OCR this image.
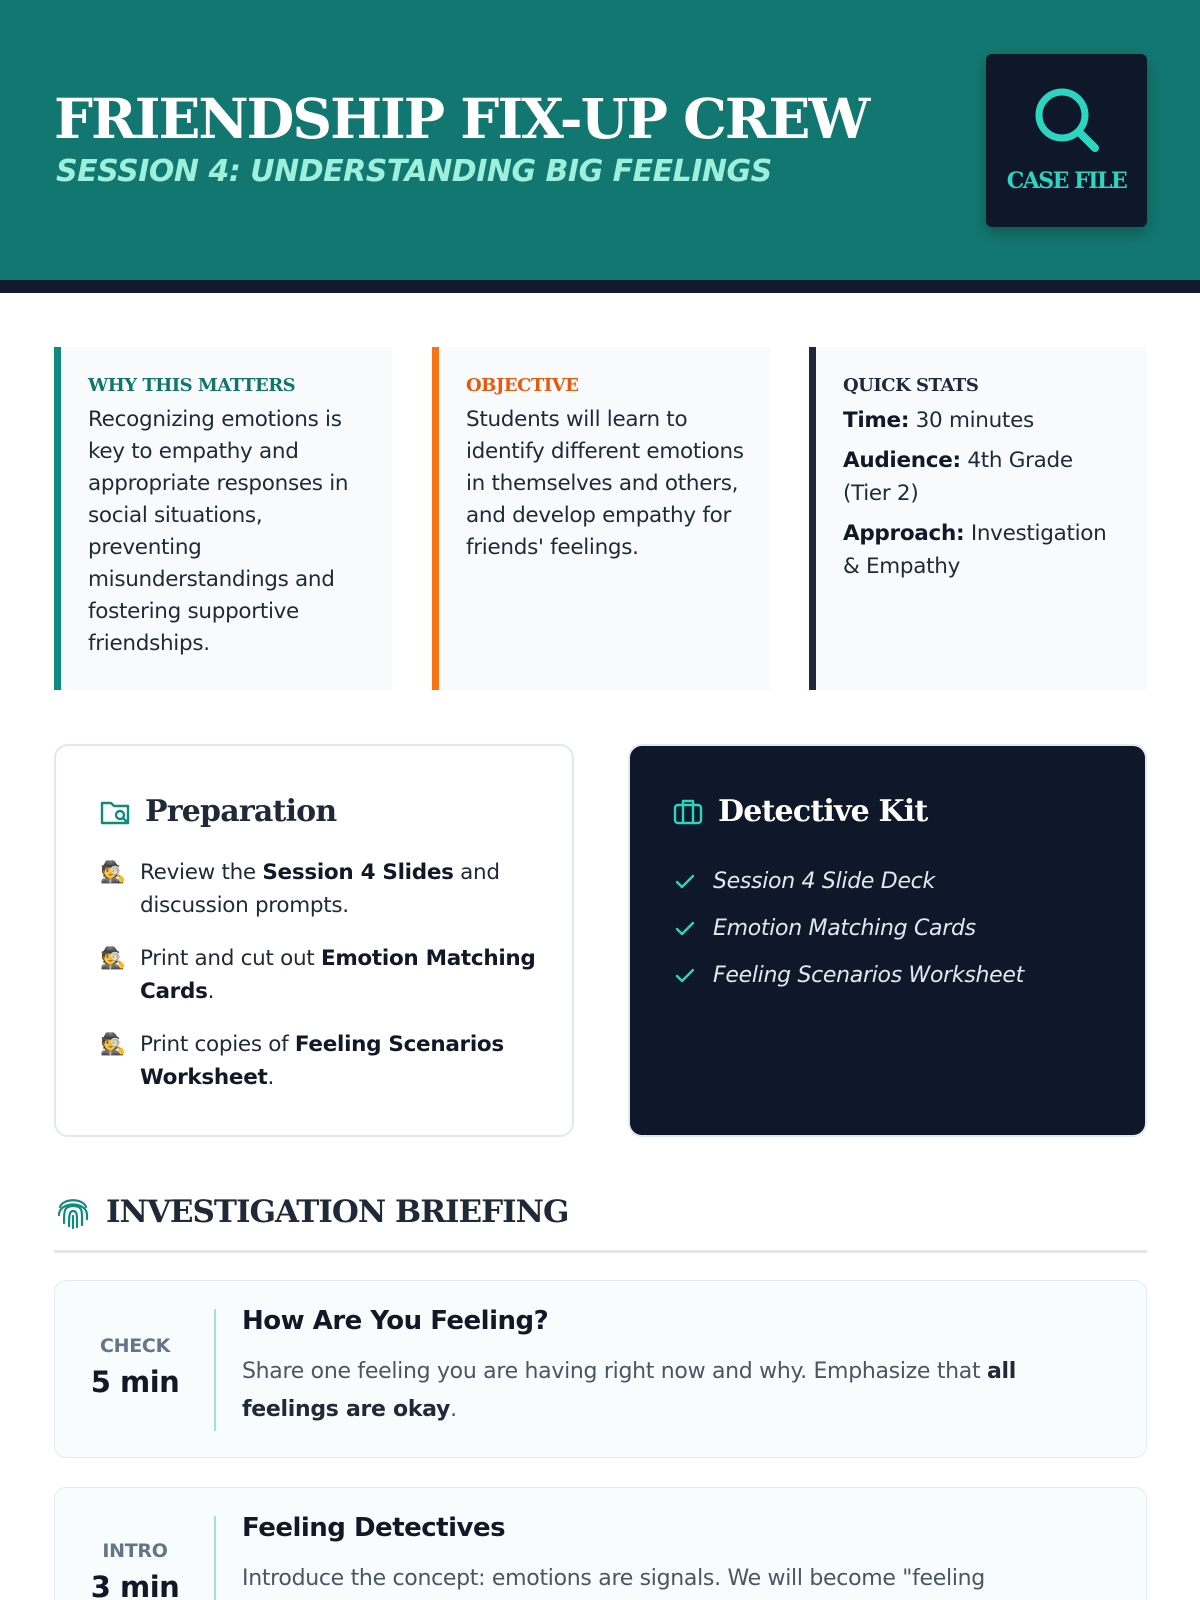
FRIENDSHIP FIX-UP CREW
SESSION 4: UNDERSTANDING BIG FEELINGS	CASE FILE
WHY THIS MATTERS
Recognizing emotions is key to empathy and appropriate responses in social situations, preventing misunderstandings and fostering supportive friendships.
OBJECTIVE
Students will learn to identify different emotions in themselves and others, and develop empathy for friends' feelings.
QUICK STATS
Time: 30 minutes
Audience: 4th Grade (Tier 2)
Approach: Investigation & Empathy
Preparation
🕵️ Review the Session 4 Slides and discussion prompts.
🕵️ Print and cut out Emotion Matching Cards.
🕵️ Print copies of Feeling Scenarios Worksheet.
Detective Kit
Session 4 Slide Deck
Emotion Matching Cards
Feeling Scenarios Worksheet
INVESTIGATION BRIEFING
CHECK
5 min
How Are You Feeling?
Share one feeling you are having right now and why. Emphasize that all feelings are okay.
INTRO
3 min
Feeling Detectives
Introduce the concept: emotions are signals. We will become "feeling
